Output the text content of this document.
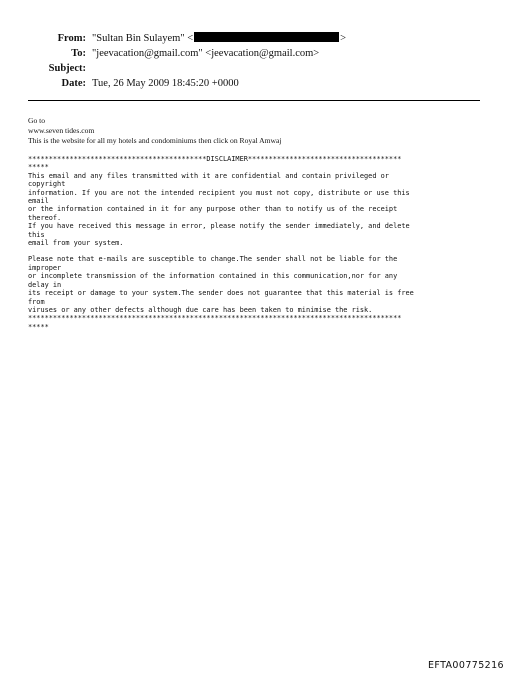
From: "Sultan Bin Sulayem" <	>
To: "jeevacation@gmail.com" <jeevacation@gmail.com>
Subject:
Date: Tue, 26 May 2009 18:45:20 +0000
Go to
www.seven tides.com
This is the website for all my hotels and condominiums then click on Royal Amwaj
*******************************************DISCLAIMER*************************************
*****
This email and any files transmitted with it are confidential and contain privileged or
copyright
information. If you are not the intended recipient you must not copy, distribute or use this
email
or the information contained in it for any purpose other than to notify us of the receipt
thereof.
If you have received this message in error, please notify the sender immediately, and delete
this
email from your system.
Please note that e-mails are susceptible to change.The sender shall not be liable for the
improper
or incomplete transmission of the information contained in this communication,nor for any
delay in
its receipt or damage to your system.The sender does not guarantee that this material is free
from
viruses or any other defects although due care has been taken to minimise the risk.
******************************************************************************************
*****
EFTA00775216
